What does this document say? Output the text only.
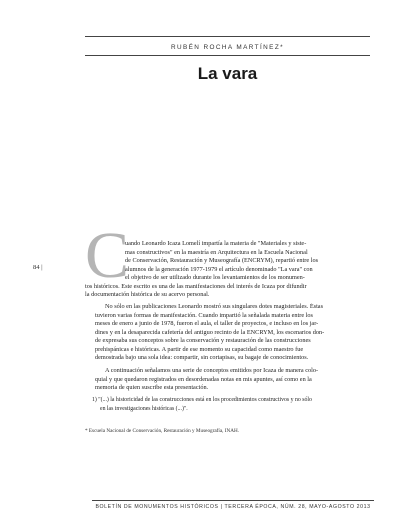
RUBÉN ROCHA MARTÍNEZ*
La vara
84 | C
uando Leonardo Icaza Lomelí impartía la materia de "Materiales y siste-
mas constructivos" en la maestría en Arquitectura en la Escuela Nacional
de Conservación, Restauración y Museografía (ENCRYM), repartió entre los
alumnos de la generación 1977-1979 el artículo denominado "La vara" con
el objetivo de ser utilizado durante los levantamientos de los monumen-
tos históricos. Este escrito es una de las manifestaciones del interés de Icaza por difundir
la documentación histórica de su acervo personal.
No sólo en las publicaciones Leonardo mostró sus singulares dotes magisteriales. Éstas
tuvieron varias formas de manifestación. Cuando impartió la señalada materia entre los
meses de enero a junio de 1978, fueron el aula, el taller de proyectos, e incluso en los jar-
dines y en la desaparecida cafetería del antiguo recinto de la ENCRYM, los escenarios don-
de expresaba sus conceptos sobre la conservación y restauración de las construcciones
prehispánicas e históricas. A partir de ese momento su capacidad como maestro fue
demostrada bajo una sola idea: compartir, sin cortapisas, su bagaje de conocimientos.
A continuación señalamos una serie de conceptos emitidos por Icaza de manera colo-
quial y que quedaron registrados en desordenadas notas en mis apuntes, así como en la
memoria de quien suscribe esta presentación.
1) "(...) la historicidad de las construcciones está en los procedimientos constructivos y no sólo
en las investigaciones históricas (...)".
* Escuela Nacional de Conservación, Restauración y Museografía, INAH.
BOLETÍN DE MONUMENTOS HISTÓRICOS | TERCERA ÉPOCA, NÚM. 28, MAYO-AGOSTO 2013
